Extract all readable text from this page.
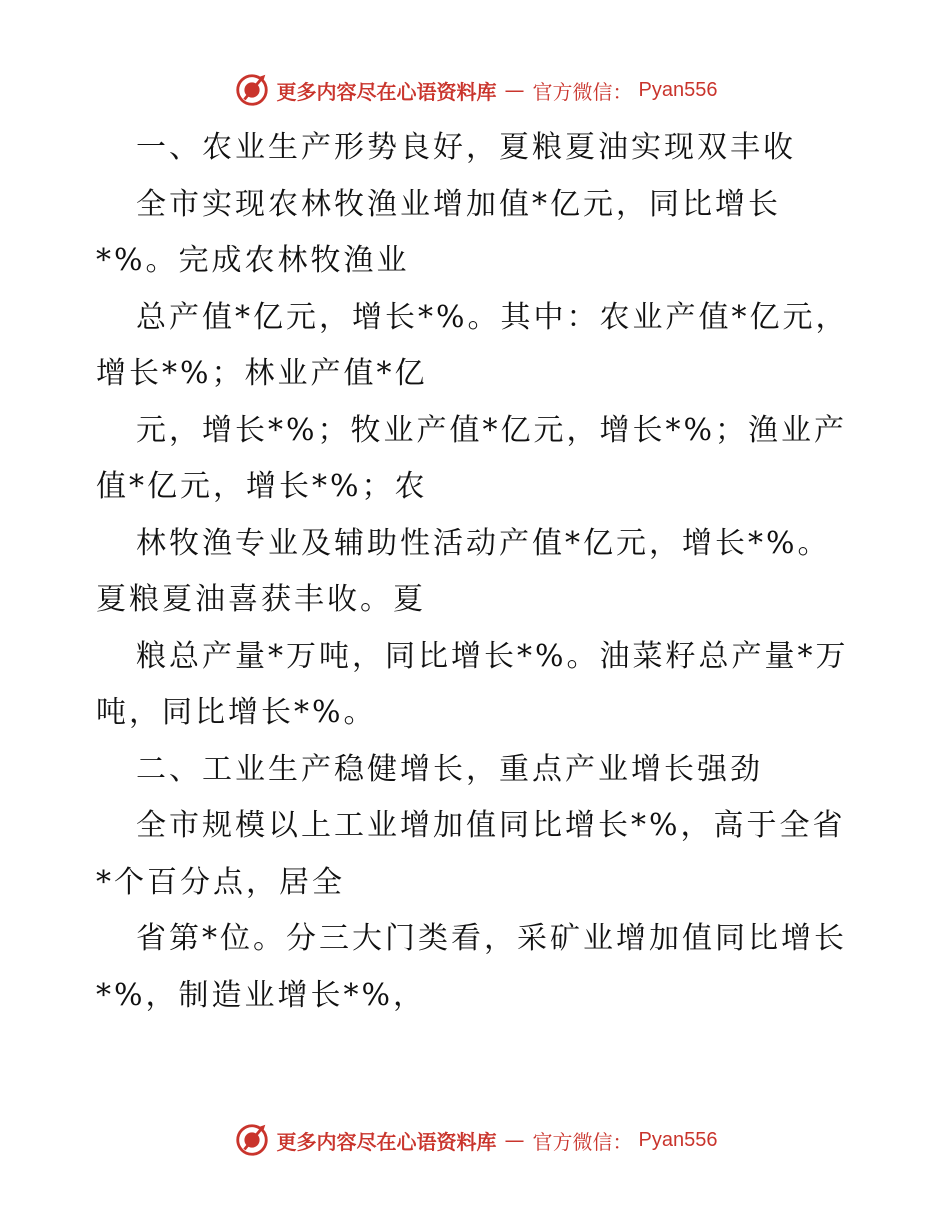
更多内容尽在心语资料库 — 官方微信： Pyan556

一、农业生产形势良好，夏粮夏油实现双丰收

全市实现农林牧渔业增加值*亿元，同比增长*%。完成农林牧渔业

总产值*亿元，增长*%。其中：农业产值*亿元，增长*%；林业产值*亿

元，增长*%；牧业产值*亿元，增长*%；渔业产值*亿元，增长*%；农

林牧渔专业及辅助性活动产值*亿元，增长*%。夏粮夏油喜获丰收。夏

粮总产量*万吨，同比增长*%。油菜籽总产量*万吨，同比增长*%。

二、工业生产稳健增长，重点产业增长强劲

全市规模以上工业增加值同比增长*%，高于全省*个百分点，居全

省第*位。分三大门类看，采矿业增加值同比增长*%，制造业增长*%，

更多内容尽在心语资料库 — 官方微信： Pyan556
